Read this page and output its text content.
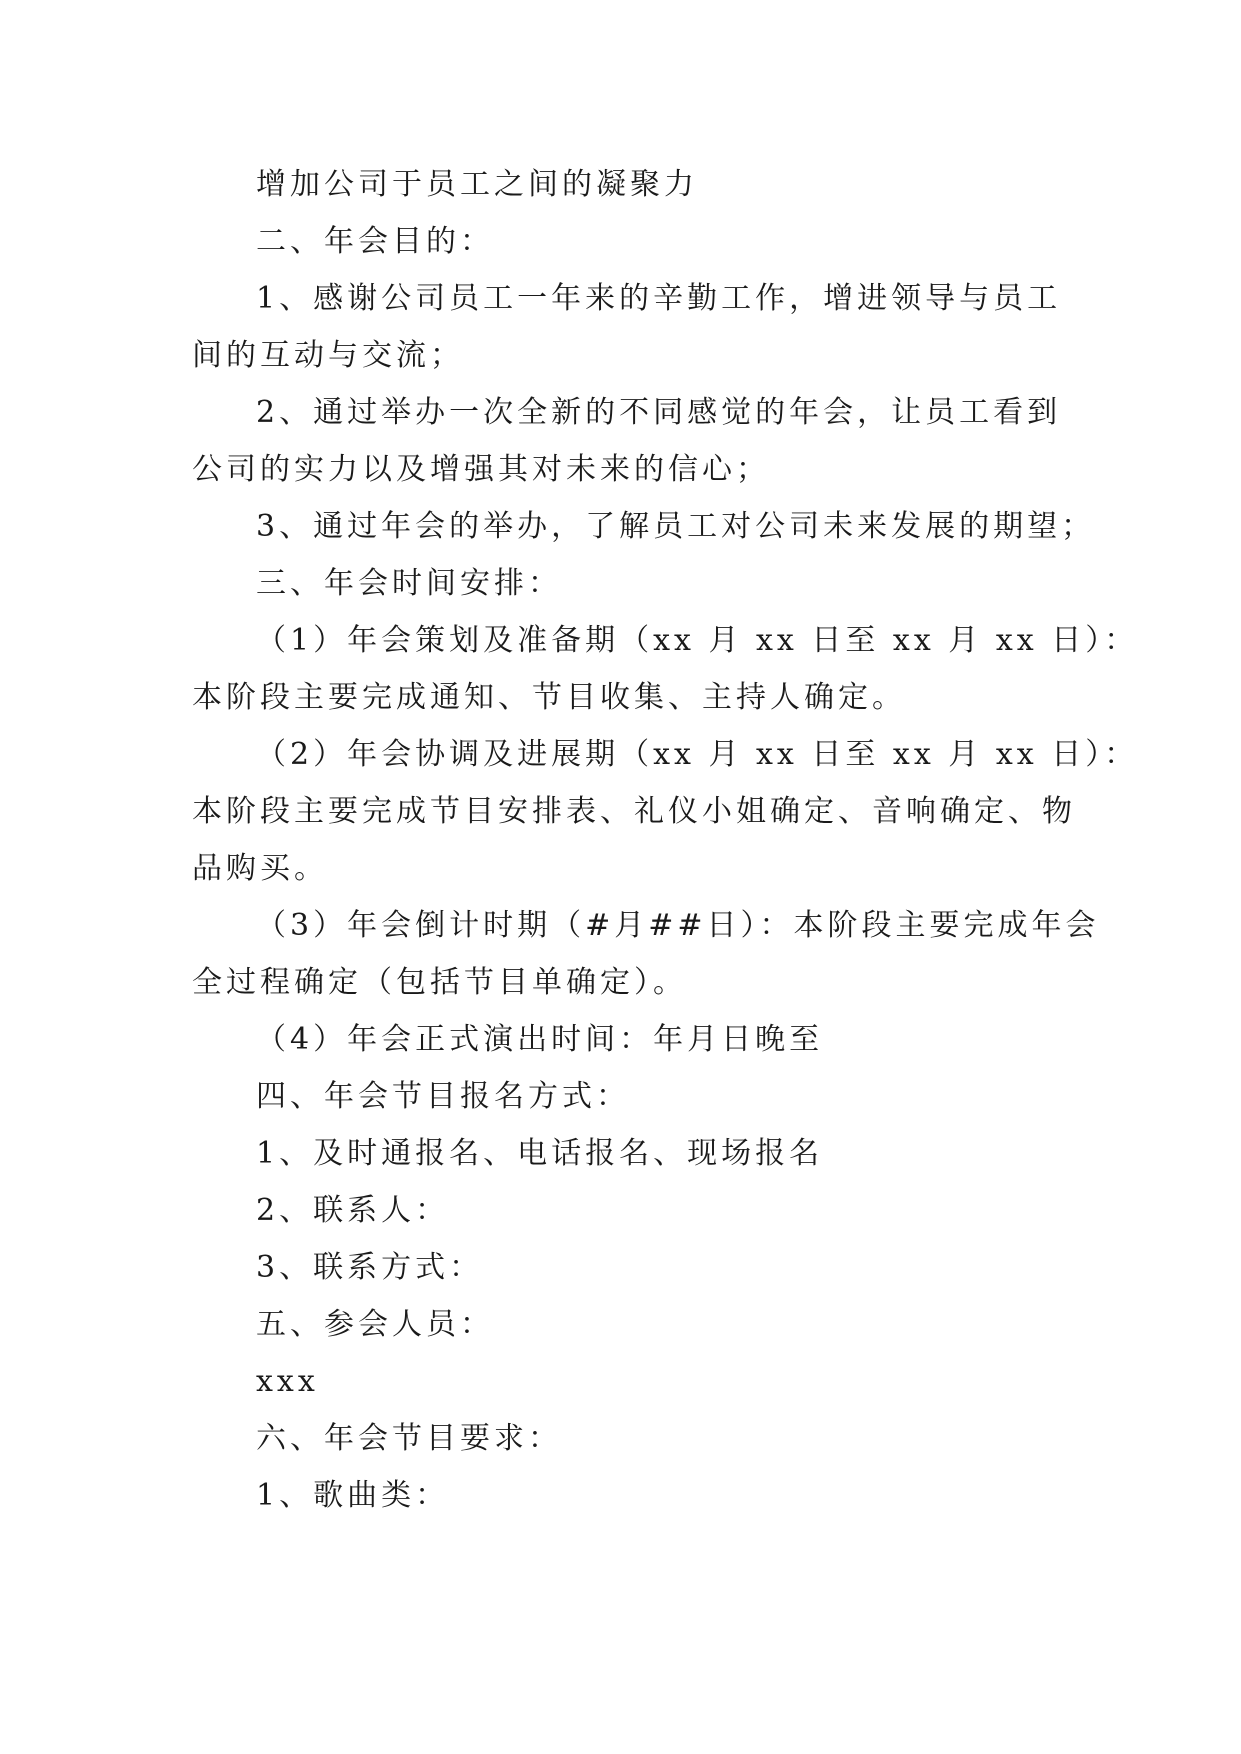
增加公司于员工之间的凝聚力
二、年会目的：
1、感谢公司员工一年来的辛勤工作，增进领导与员工
间的互动与交流；
2、通过举办一次全新的不同感觉的年会，让员工看到
公司的实力以及增强其对未来的信心；
3、通过年会的举办，了解员工对公司未来发展的期望；
三、年会时间安排：
（1）年会策划及准备期（xx 月 xx 日至 xx 月 xx 日）：
本阶段主要完成通知、节目收集、主持人确定。
（2）年会协调及进展期（xx 月 xx 日至 xx 月 xx 日）：
本阶段主要完成节目安排表、礼仪小姐确定、音响确定、物
品购买。
（3）年会倒计时期（#月##日）：本阶段主要完成年会
全过程确定（包括节目单确定）。
（4）年会正式演出时间：年月日晚至
四、年会节目报名方式：
1、及时通报名、电话报名、现场报名
2、联系人：
3、联系方式：
五、参会人员：
xxx
六、年会节目要求：
1、歌曲类：
